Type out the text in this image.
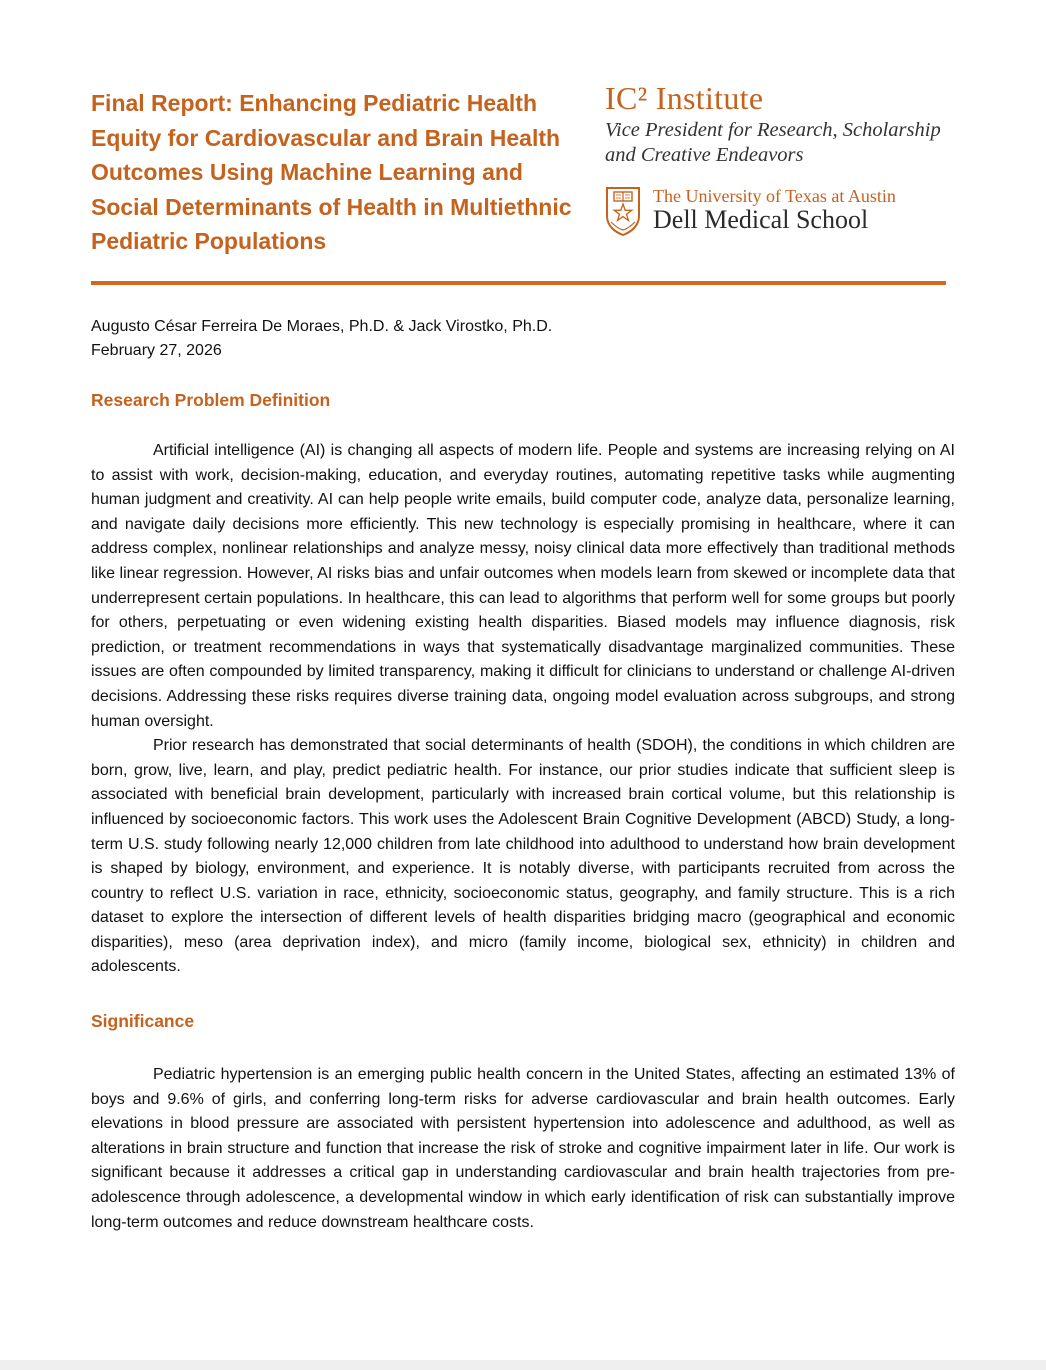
Final Report: Enhancing Pediatric Health Equity for Cardiovascular and Brain Health Outcomes Using Machine Learning and Social Determinants of Health in Multiethnic Pediatric Populations
IC² Institute
Vice President for Research, Scholarship and Creative Endeavors
The University of Texas at Austin
Dell Medical School
Augusto César Ferreira De Moraes, Ph.D. & Jack Virostko, Ph.D.
February 27, 2026
Research Problem Definition

Artificial intelligence (AI) is changing all aspects of modern life. People and systems are increasing relying on AI to assist with work, decision-making, education, and everyday routines, automating repetitive tasks while augmenting human judgment and creativity. AI can help people write emails, build computer code, analyze data, personalize learning, and navigate daily decisions more efficiently. This new technology is especially promising in healthcare, where it can address complex, nonlinear relationships and analyze messy, noisy clinical data more effectively than traditional methods like linear regression. However, AI risks bias and unfair outcomes when models learn from skewed or incomplete data that underrepresent certain populations. In healthcare, this can lead to algorithms that perform well for some groups but poorly for others, perpetuating or even widening existing health disparities. Biased models may influence diagnosis, risk prediction, or treatment recommendations in ways that systematically disadvantage marginalized communities. These issues are often compounded by limited transparency, making it difficult for clinicians to understand or challenge AI-driven decisions. Addressing these risks requires diverse training data, ongoing model evaluation across subgroups, and strong human oversight.

Prior research has demonstrated that social determinants of health (SDOH), the conditions in which children are born, grow, live, learn, and play, predict pediatric health. For instance, our prior studies indicate that sufficient sleep is associated with beneficial brain development, particularly with increased brain cortical volume, but this relationship is influenced by socioeconomic factors. This work uses the Adolescent Brain Cognitive Development (ABCD) Study, a long-term U.S. study following nearly 12,000 children from late childhood into adulthood to understand how brain development is shaped by biology, environment, and experience. It is notably diverse, with participants recruited from across the country to reflect U.S. variation in race, ethnicity, socioeconomic status, geography, and family structure. This is a rich dataset to explore the intersection of different levels of health disparities bridging macro (geographical and economic disparities), meso (area deprivation index), and micro (family income, biological sex, ethnicity) in children and adolescents.

Significance

Pediatric hypertension is an emerging public health concern in the United States, affecting an estimated 13% of boys and 9.6% of girls, and conferring long-term risks for adverse cardiovascular and brain health outcomes. Early elevations in blood pressure are associated with persistent hypertension into adolescence and adulthood, as well as alterations in brain structure and function that increase the risk of stroke and cognitive impairment later in life. Our work is significant because it addresses a critical gap in understanding cardiovascular and brain health trajectories from pre-adolescence through adolescence, a developmental window in which early identification of risk can substantially improve long-term outcomes and reduce downstream healthcare costs.
